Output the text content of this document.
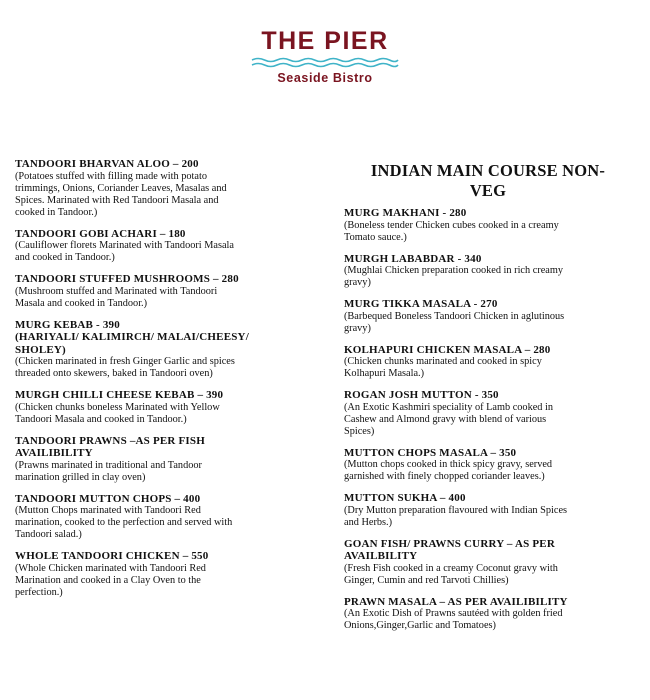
THE PIER
Seaside Bistro
TANDOORI BHARVAN ALOO – 200
(Potatoes stuffed with filling made with potato
trimmings, Onions, Coriander Leaves, Masalas and
Spices. Marinated with Red Tandoori Masala and
cooked in Tandoor.)
TANDOORI GOBI ACHARI – 180
(Cauliflower florets Marinated with Tandoori Masala
and cooked in Tandoor.)
TANDOORI STUFFED MUSHROOMS – 280
(Mushroom stuffed and Marinated with Tandoori
Masala and cooked in Tandoor.)
MURG KEBAB - 390
(HARIYALI/ KALIMIRCH/ MALAI/CHEESY/
SHOLEY)
(Chicken marinated in fresh Ginger Garlic and spices
threaded onto skewers, baked in Tandoori oven)
MURGH CHILLI CHEESE KEBAB – 390
(Chicken chunks boneless Marinated with Yellow
Tandoori Masala and cooked in Tandoor.)
TANDOORI PRAWNS –AS PER FISH
AVAILIBILITY
(Prawns marinated in traditional and Tandoor
marination grilled in clay oven)
TANDOORI MUTTON CHOPS – 400
(Mutton Chops marinated with Tandoori Red
marination, cooked to the perfection and served with
Tandoori salad.)
WHOLE TANDOORI CHICKEN – 550
(Whole Chicken marinated with Tandoori Red
Marination and cooked in a Clay Oven to the
perfection.)
INDIAN MAIN COURSE NON-
VEG
MURG MAKHANI - 280
(Boneless tender Chicken cubes cooked in a creamy
Tomato sauce.)
MURGH LABABDAR - 340
(Mughlai Chicken preparation cooked in rich creamy
gravy)
MURG TIKKA MASALA - 270
(Barbequed Boneless Tandoori Chicken in aglutinous
gravy)
KOLHAPURI CHICKEN MASALA – 280
(Chicken chunks marinated and cooked in spicy
Kolhapuri Masala.)
ROGAN JOSH MUTTON - 350
(An Exotic Kashmiri speciality of Lamb cooked in
Cashew and Almond gravy with blend of various
Spices)
MUTTON CHOPS MASALA – 350
(Mutton chops cooked in thick spicy gravy, served
garnished with finely chopped coriander leaves.)
MUTTON SUKHA – 400
(Dry Mutton preparation flavoured with Indian Spices
and Herbs.)
GOAN FISH/ PRAWNS CURRY – AS PER
AVAILBILITY
(Fresh Fish cooked in a creamy Coconut gravy with
Ginger, Cumin and red Tarvoti Chillies)
PRAWN MASALA – AS PER AVAILIBILITY
(An Exotic Dish of Prawns sautéed with golden fried
Onions,Ginger,Garlic and Tomatoes)
